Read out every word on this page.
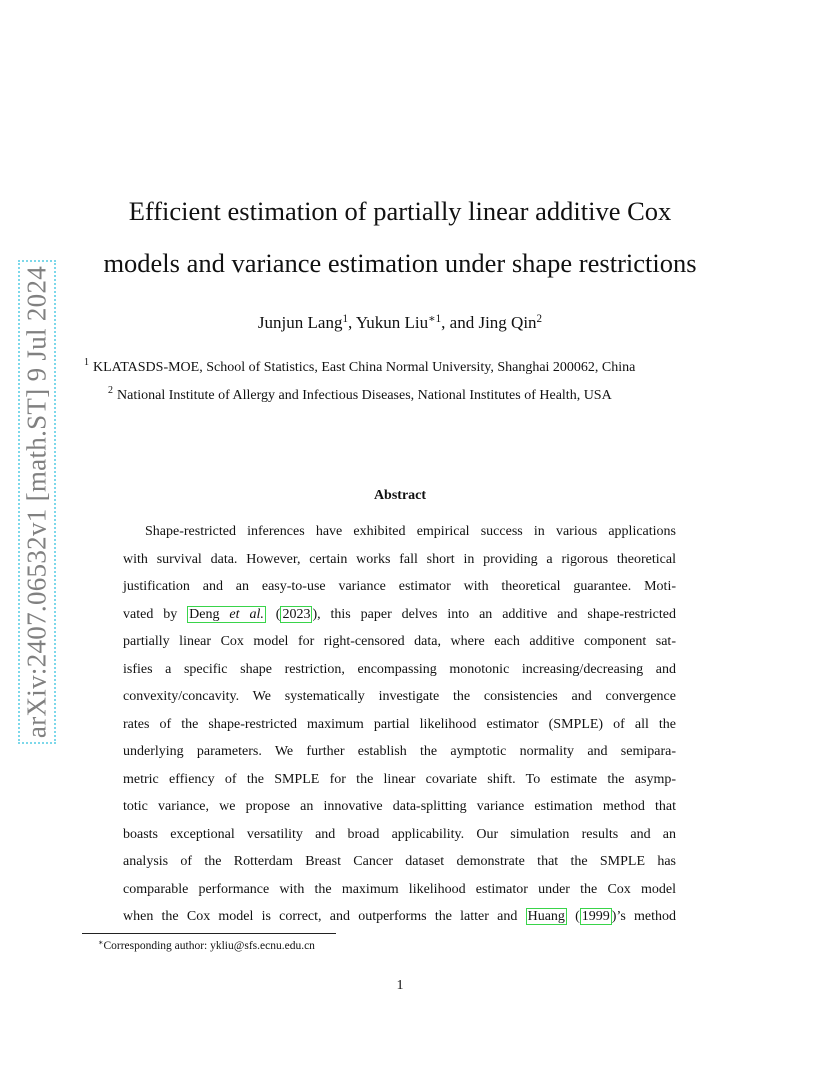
arXiv:2407.06532v1 [math.ST] 9 Jul 2024
Efficient estimation of partially linear additive Cox
models and variance estimation under shape restrictions
Junjun Lang$^1$, Yukun Liu$^{∗1}$, and Jing Qin$^2$
$^1$ KLATASDS-MOE, School of Statistics, East China Normal University, Shanghai 200062, China
$^2$ National Institute of Allergy and Infectious Diseases, National Institutes of Health, USA
Abstract
Shape-restricted inferences have exhibited empirical success in various applications
with survival data. However, certain works fall short in providing a rigorous theoretical
justification and an easy-to-use variance estimator with theoretical guarantee. Moti-
vated by Deng et al. ( 2023 ), this paper delves into an additive and shape-restricted
partially linear Cox model for right-censored data, where each additive component sat-
isfies a specific shape restriction, encompassing monotonic increasing/decreasing and
convexity/concavity. We systematically investigate the consistencies and convergence
rates of the shape-restricted maximum partial likelihood estimator (SMPLE) of all the
underlying parameters. We further establish the aymptotic normality and semipara-
metric effiency of the SMPLE for the linear covariate shift. To estimate the asymp-
totic variance, we propose an innovative data-splitting variance estimation method that
boasts exceptional versatility and broad applicability. Our simulation results and an
analysis of the Rotterdam Breast Cancer dataset demonstrate that the SMPLE has
comparable performance with the maximum likelihood estimator under the Cox model
when the Cox model is correct, and outperforms the latter and Huang ( 1999 )’s method
∗Corresponding author: ykliu@sfs.ecnu.edu.cn
1
